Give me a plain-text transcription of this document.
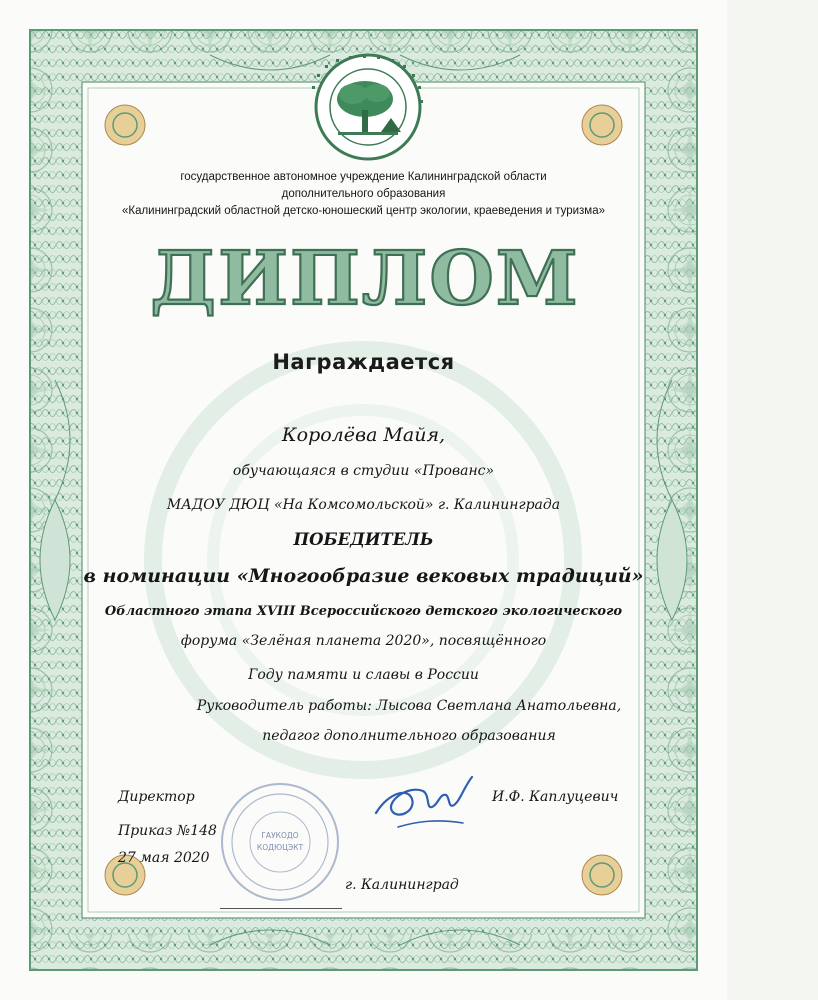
государственное автономное учреждение Калининградской области
дополнительного образования
«Калининградский областной детско-юношеский центр экологии, краеведения и туризма»
ДИПЛОМ
Награждается
Королёва Майя,
обучающаяся в студии «Прованс»
МАДОУ ДЮЦ «На Комсомольской» г. Калининграда
ПОБЕДИТЕЛЬ
в номинации «Многообразие вековых традиций»
Областного этапа XVIII Всероссийского детского экологического
форума «Зелёная планета 2020», посвящённого
Году памяти и славы в России
Руководитель работы: Лысова Светлана Анатольевна,
педагог дополнительного образования
Директор	И.Ф. Каплуцевич
Приказ №148
27 мая 2020
г. Калининград
ГАУКОДО
КОДЮЦЭКТ
